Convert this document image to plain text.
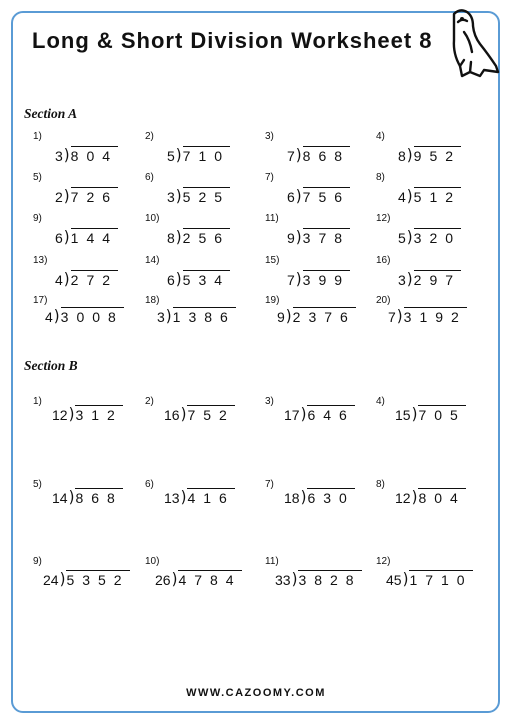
Long & Short Division Worksheet 8
Section A
1)
3 ) 804
2)
5 ) 710
3)
7 ) 868
4)
8 ) 952
5)
2 ) 726
6)
3 ) 525
7)
6 ) 756
8)
4 ) 512
9)
6 ) 144
10)
8 ) 256
11)
9 ) 378
12)
5 ) 320
13)
4 ) 272
14)
6 ) 534
15)
7 ) 399
16)
3 ) 297
17)
4 ) 3008
18)
3 ) 1386
19)
9 ) 2376
20)
7 ) 3192
Section B
1)
12 ) 312
2)
16 ) 752
3)
17 ) 646
4)
15 ) 705
5)
14 ) 868
6)
13 ) 416
7)
18 ) 630
8)
12 ) 804
9)
24 ) 5352
10)
26 ) 4784
11)
33 ) 3828
12)
45 ) 1710
WWW.CAZOOMY.COM
